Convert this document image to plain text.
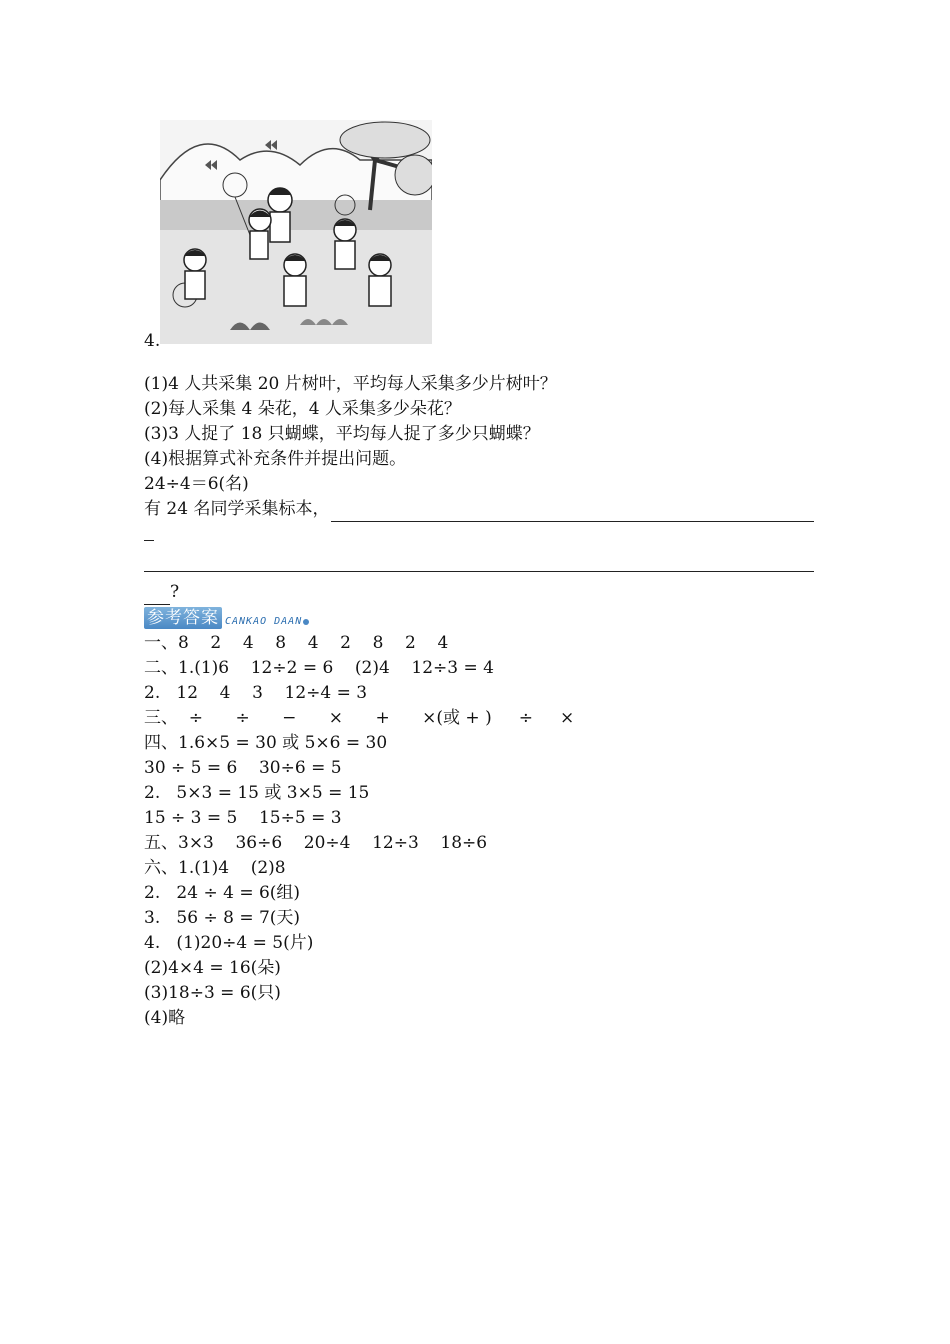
4.
(1)4 人共采集 20 片树叶，平均每人采集多少片树叶？
(2)每人采集 4 朵花，4 人采集多少朵花？
(3)3 人捉了 18 只蝴蝶，平均每人捉了多少只蝴蝶？
(4)根据算式补充条件并提出问题。
24÷4＝6(名)
有 24 名同学采集标本，
?
参考答案 CANKAO DAAN
一、8    2    4    8    4    2    8    2    4
二、1.(1)6    12÷2 = 6    (2)4    12÷3 = 4
2.   12    4    3    12÷4 = 3
三、  ÷      ÷      −      ×      +      ×(或 + )     ÷     ×
四、1.6×5 = 30 或 5×6 = 30
30 ÷ 5 = 6    30÷6 = 5
2.   5×3 = 15 或 3×5 = 15
15 ÷ 3 = 5    15÷5 = 3
五、3×3    36÷6    20÷4    12÷3    18÷6
六、1.(1)4    (2)8
2.   24 ÷ 4 = 6(组)
3.   56 ÷ 8 = 7(天)
4.   (1)20÷4 = 5(片)
(2)4×4 = 16(朵)
(3)18÷3 = 6(只)
(4)略
